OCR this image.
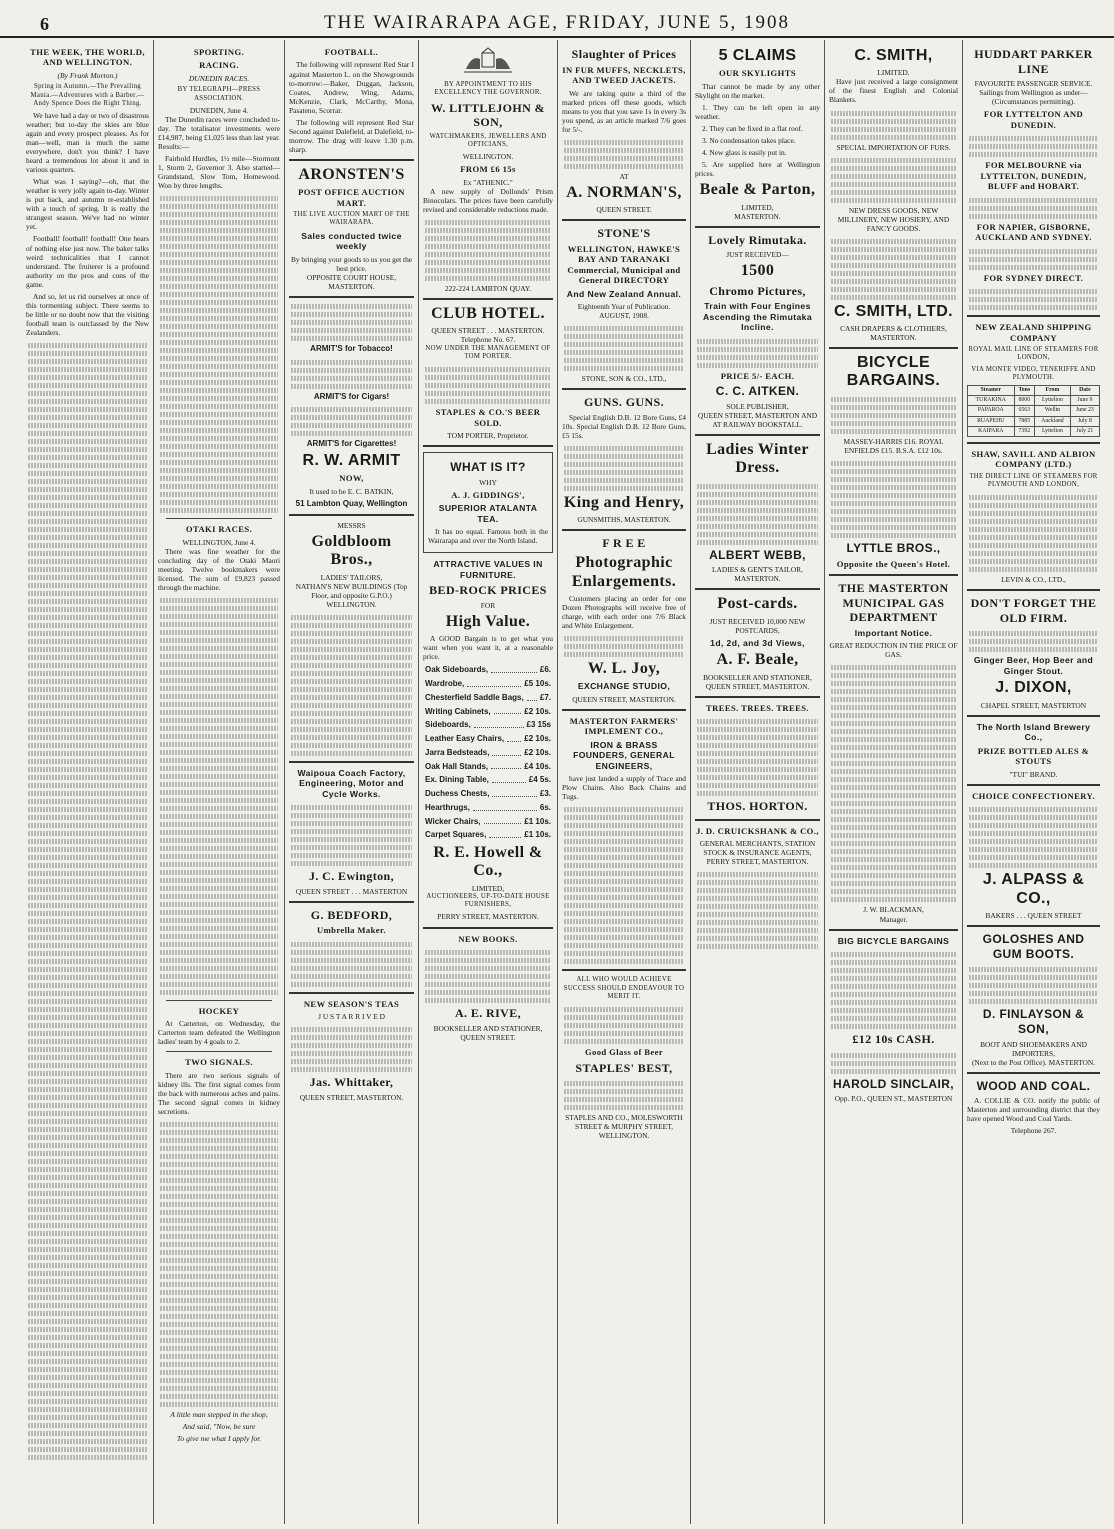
6	THE WAIRARAPA AGE, FRIDAY, JUNE 5, 1908
THE WEEK, THE WORLD, AND WELLINGTON.
(By Frank Morton.)
Spring in Autumn.—The Prevailing Mania.—Adventures with a Barber.—Andy Spence Does the Right Thing.
We have had a day or two of disastrous weather; but to-day the skies are blue again and every prospect pleases. As for man—well, man is much the same everywhere, don't you think? I have heard a tremendous lot about it and in various quarters.
What was I saying?—oh, that the weather is very jolly again to-day. Winter is put back, and autumn re-established with a touch of spring. It is really the strangest season. We've had no winter yet.
Football! football! football! One hears of nothing else just now. The baker talks weird technicalities that I cannot understand. The fruiterer is a profound authority on the pros and cons of the game.
And so, let us rid ourselves at once of this tormenting subject. There seems to be little or no doubt now that the visiting football team is outclassed by the New Zealanders.
SPORTING.
RACING.
DUNEDIN RACES.
BY TELEGRAPH—PRESS ASSOCIATION.
DUNEDIN, June 4.
The Dunedin races were concluded to-day. The totalisator investments were £14,987, being £1,025 less than last year. Results:—
Fairhold Hurdles, 1½ mile—Stormont 1, Storm 2, Governor 3. Also started—Grandstand, Slow Tom, Homewood. Won by three lengths.
OTAKI RACES.
WELLINGTON, June 4.
There was fine weather for the concluding day of the Otaki Maori meeting. Twelve bookmakers were licensed. The sum of £9,823 passed through the machine.
HOCKEY
At Carterton, on Wednesday, the Carterton team defeated the Wellington ladies' team by 4 goals to 2.
TWO SIGNALS.
There are two serious signals of kidney ills. The first signal comes from the back with numerous aches and pains. The second signal comes in kidney secretions.
A little man stepped in the shop,
And said, "Now, be sure
To give me what I apply for.
FOOTBALL.
The following will represent Red Star I against Masterton L. on the Showgrounds to-morrow:—Baker, Duggan, Jackson, Coates, Andrew, Wing, Adams, McKenzie, Clark, McCarthy, Mona, Pasateno, Scorrar.
The following will represent Red Star Second against Dalefield, at Dalefield, to-morrow. The drag will leave 1.30 p.m. sharp.
ARONSTEN'S
POST OFFICE AUCTION MART.
THE LIVE AUCTION MART OF THE WAIRARAPA.
Sales conducted twice weekly
By bringing your goods to us you get the best price.
OPPOSITE COURT HOUSE,
MASTERTON.
ARMIT'S for Tobacco!
ARMIT'S for Cigars!
ARMIT'S for Cigarettes!
R. W. ARMIT
NOW,
It used to be E. C. BATKIN,
51 Lambton Quay, Wellington
MESSRS
Goldbloom Bros.,
LADIES' TAILORS,
NATHAN'S NEW BUILDINGS (Top Floor, and opposite G.P.O.)
WELLINGTON.
Waipoua Coach Factory, Engineering, Motor and Cycle Works.
J. C. Ewington,
QUEEN STREET . . . MASTERTON
G. BEDFORD,
Umbrella Maker.
NEW SEASON'S TEAS
J U S T A R R I V E D
Jas. Whittaker,
QUEEN STREET, MASTERTON.
BY APPOINTMENT TO HIS EXCELLENCY THE GOVERNOR.
W. LITTLEJOHN & SON,
WATCHMAKERS, JEWELLERS AND OPTICIANS,
WELLINGTON.
FROM £6 15s
Ex "ATHENIC."
A new supply of Dollonds' Prism Binoculars. The prices have been carefully revised and considerable reductions made.
222-224 LAMBTON QUAY.
CLUB HOTEL.
QUEEN STREET . . . MASTERTON.
Telephone No. 67.
NOW UNDER THE MANAGEMENT OF TOM PORTER.
STAPLES & CO.'S BEER SOLD.
TOM PORTER, Proprietor.
WHAT IS IT?
WHY
A. J. GIDDINGS',
SUPERIOR ATALANTA TEA.
It has no equal. Famous both in the Wairarapa and over the North Island.
ATTRACTIVE VALUES IN FURNITURE.
BED-ROCK PRICES
FOR
High Value.
A GOOD Bargain is to get what you want when you want it, at a reasonable price.
Oak Sideboards,	£6.
Wardrobe,	£5 10s.
Chesterfield Saddle Bags, £7.
Writing Cabinets,	£2 10s.
Sideboards,	£3 15s
Leather Easy Chairs,	£2 10s.
Jarra Bedsteads,	£2 10s.
Oak Hall Stands,	£4 10s.
Ex. Dining Table,	£4 5s.
Duchess Chests,	£3.
Hearthrugs,	6s.
Wicker Chairs,	£1 10s.
Carpet Squares,	£1 10s.
R. E. Howell & Co.,
LIMITED,
AUCTIONEERS, UP-TO-DATE HOUSE FURNISHERS,
PERRY STREET, MASTERTON.
NEW BOOKS.
A. E. RIVE,
BOOKSELLER AND STATIONER, QUEEN STREET.
Slaughter of Prices
IN FUR MUFFS, NECKLETS, AND TWEED JACKETS.
We are taking quite a third of the marked prices off these goods, which means to you that you save 1s in every 3s you spend, as an article marked 7/6 goes for 5/-.
AT
A. NORMAN'S,
QUEEN STREET.
STONE'S
WELLINGTON, HAWKE'S BAY AND TARANAKI Commercial, Municipal and General DIRECTORY
And New Zealand Annual.
Eighteenth Year of Publication. AUGUST, 1908.
STONE, SON & CO., LTD.,
GUNS. GUNS.
Special English D.B. 12 Bore Guns, £4 10s. Special English D.B. 12 Bore Guns, £5 15s.
King and Henry,
GUNSMITHS, MASTERTON.
F R E E
Photographic Enlargements.
Customers placing an order for one Dozen Photographs will receive free of charge, with each order one 7/6 Black and White Enlargement.
W. L. Joy,
EXCHANGE STUDIO,
QUEEN STREET, MASTERTON.
MASTERTON FARMERS' IMPLEMENT CO.,
IRON & BRASS FOUNDERS, GENERAL ENGINEERS,
have just landed a supply of Trace and Plow Chains. Also Back Chains and Tugs.
ALL WHO WOULD ACHIEVE SUCCESS SHOULD ENDEAVOUR TO MERIT IT.
Good Glass of Beer
STAPLES' BEST,
STAPLES AND CO., MOLESWORTH STREET & MURPHY STREET, WELLINGTON.
5 CLAIMS
OUR SKYLIGHTS
That cannot be made by any other Skylight on the market.
1. They can be left open in any weather.
2. They can be fixed in a flat roof.
3. No condensation takes place.
4. New glass is easily put in.
5. Are supplied here at Wellington prices.
Beale & Parton,
LIMITED,
MASTERTON.
Lovely Rimutaka.
JUST RECEIVED—
1500
Chromo Pictures,
Train with Four Engines Ascending the Rimutaka Incline.
PRICE 5/- EACH.
C. C. AITKEN.
SOLE PUBLISHER,
QUEEN STREET, MASTERTON AND AT RAILWAY BOOKSTALL.
Ladies Winter Dress.
ALBERT WEBB,
LADIES & GENT'S TAILOR,
MASTERTON.
Post-cards.
JUST RECEIVED 10,000 NEW POSTCARDS,
1d, 2d, and 3d Views,
A. F. Beale,
BOOKSELLER AND STATIONER, QUEEN STREET, MASTERTON.
TREES. TREES. TREES.
THOS. HORTON.
J. D. CRUICKSHANK & CO.,
GENERAL MERCHANTS, STATION STOCK & INSURANCE AGENTS, PERRY STREET, MASTERTON.
C. SMITH,
LIMITED.
Have just received a large consignment of the finest English and Colonial Blankets.
SPECIAL IMPORTATION OF FURS.
NEW DRESS GOODS, NEW MILLINERY, NEW HOSIERY, AND FANCY GOODS.
C. SMITH, LTD.
CASH DRAPERS & CLOTHIERS, MASTERTON.
BICYCLE BARGAINS.
MASSEY-HARRIS £16. ROYAL ENFIELDS £15. B.S.A. £12 10s.
LYTTLE BROS.,
Opposite the Queen's Hotel.
THE MASTERTON MUNICIPAL GAS DEPARTMENT
Important Notice.
GREAT REDUCTION IN THE PRICE OF GAS.
J. W. BLACKMAN,
Manager.
BIG BICYCLE BARGAINS
£12 10s CASH.
HAROLD SINCLAIR,
Opp. P.O., QUEEN ST., MASTERTON
HUDDART PARKER LINE
FAVOURITE PASSENGER SERVICE.
Sailings from Wellington as under—(Circumstances permitting).
FOR LYTTELTON AND DUNEDIN.
FOR MELBOURNE via LYTTELTON, DUNEDIN, BLUFF and HOBART.
FOR NAPIER, GISBORNE, AUCKLAND AND SYDNEY.
FOR SYDNEY DIRECT.
NEW ZEALAND SHIPPING COMPANY
ROYAL MAIL LINE OF STEAMERS FOR LONDON,
VIA MONTE VIDEO, TENERIFFE AND PLYMOUTH.
Steamer	Tons	From	Date
TURAKINA	8000	Lyttelton	June 9
PAPAROA	6563	Welltn	June 23
RUAPEHU	7885	Auckland	July 8
KAIPARA	7392	Lyttelton	July 21
SHAW, SAVILL AND ALBION COMPANY (LTD.)
THE DIRECT LINE OF STEAMERS FOR PLYMOUTH AND LONDON,
LEVIN & CO., LTD.,
DON'T FORGET THE OLD FIRM.
Ginger Beer, Hop Beer and Ginger Stout.
J. DIXON,
CHAPEL STREET, MASTERTON
The North Island Brewery Co.,
PRIZE BOTTLED ALES & STOUTS
"TUI" BRAND.
CHOICE CONFECTIONERY.
J. ALPASS & CO.,
BAKERS . . . QUEEN STREET
GOLOSHES AND GUM BOOTS.
D. FINLAYSON & SON,
BOOT AND SHOEMAKERS AND IMPORTERS,
(Next to the Post Office). MASTERTON.
WOOD AND COAL.
A. COLLIE & CO. notify the public of Masterton and surrounding district that they have opened Wood and Coal Yards.
Telephone 267.
